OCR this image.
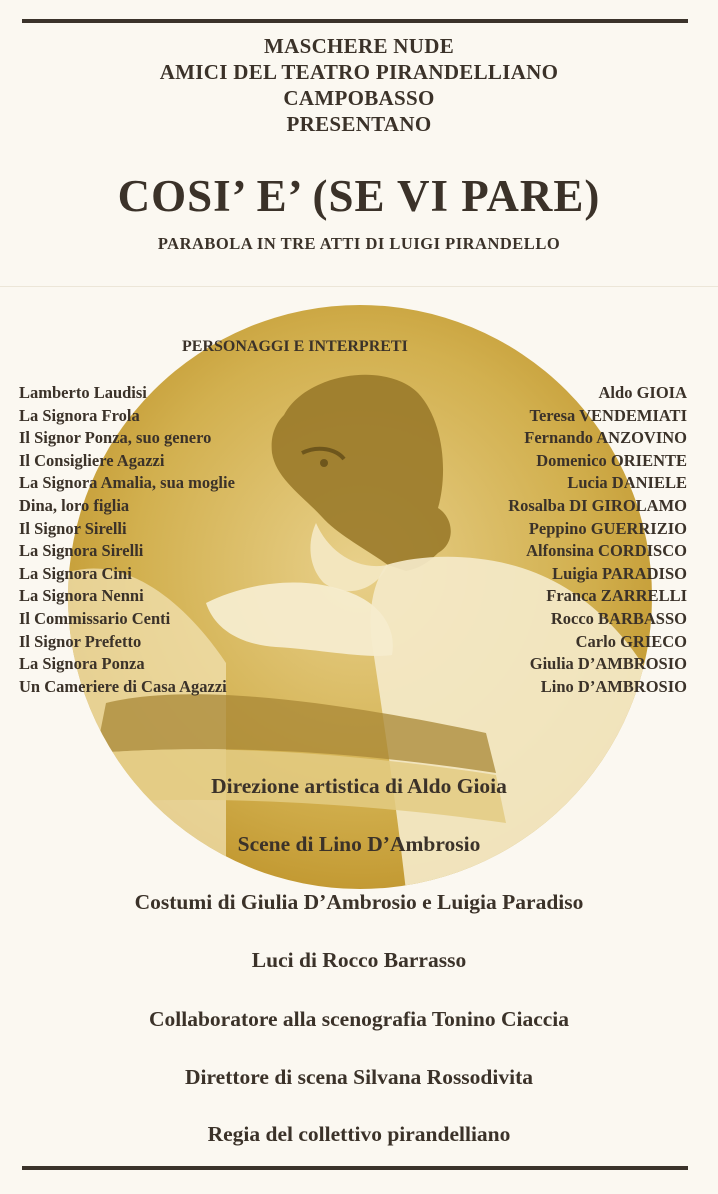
MASCHERE NUDE
AMICI DEL TEATRO PIRANDELLIANO
CAMPOBASSO
PRESENTANO
COSI’ E’ (SE VI PARE)
PARABOLA IN TRE ATTI DI LUIGI PIRANDELLO
PERSONAGGI E INTERPRETI
Lamberto Laudisi
La Signora Frola
Il Signor Ponza, suo genero
Il Consigliere Agazzi
La Signora Amalia, sua moglie
Dina, loro figlia
Il Signor Sirelli
La Signora Sirelli
La Signora Cini
La Signora Nenni
Il Commissario Centi
Il Signor Prefetto
La Signora Ponza
Un Cameriere di Casa Agazzi
Aldo GIOIA
Teresa VENDEMIATI
Fernando ANZOVINO
Domenico ORIENTE
Lucia DANIELE
Rosalba DI GIROLAMO
Peppino GUERRIZIO
Alfonsina CORDISCO
Luigia PARADISO
Franca ZARRELLI
Rocco BARBASSO
Carlo GRIECO
Giulia D’AMBROSIO
Lino D’AMBROSIO
Direzione artistica di Aldo Gioia
Scene di Lino D’Ambrosio
Costumi di Giulia D’Ambrosio e Luigia Paradiso
Luci di Rocco Barrasso
Collaboratore alla scenografia Tonino Ciaccia
Direttore di scena Silvana Rossodivita
Regia del collettivo pirandelliano
